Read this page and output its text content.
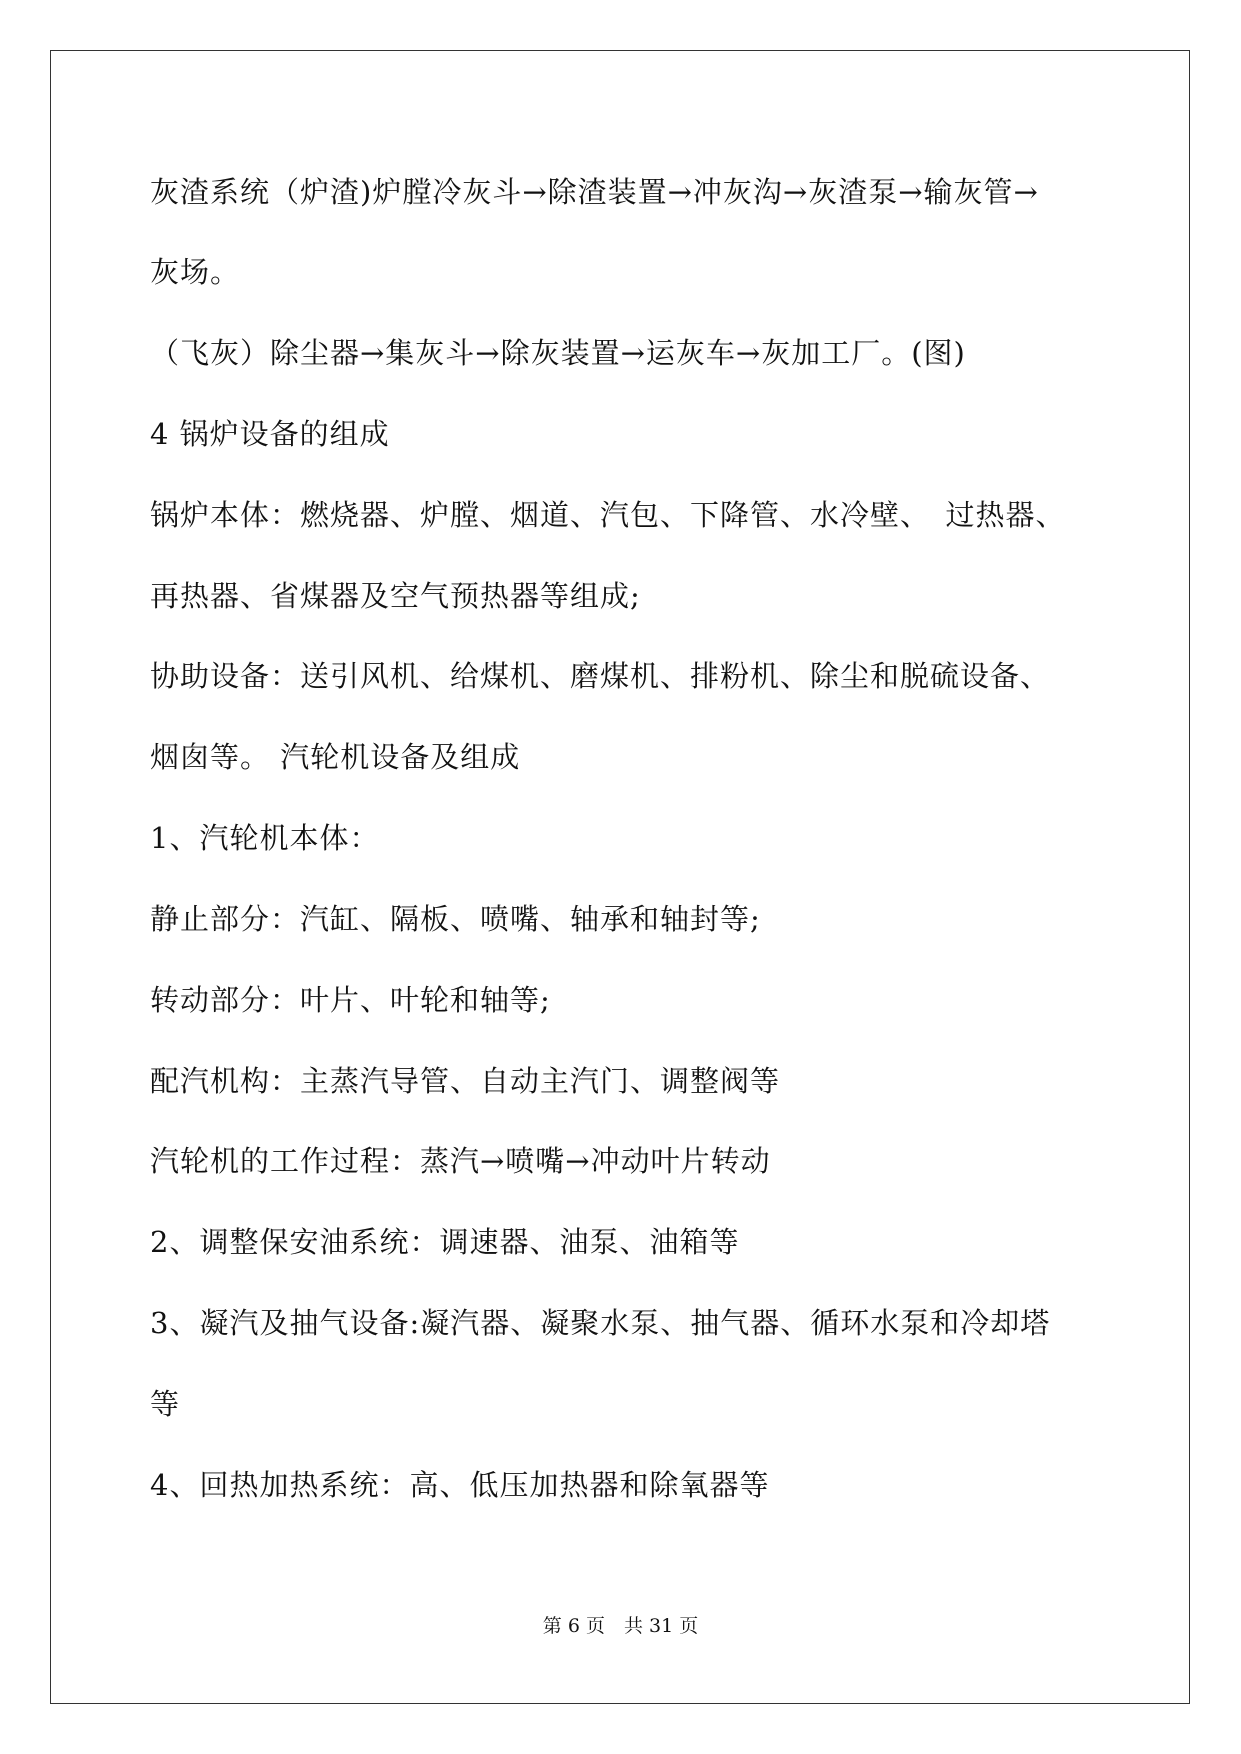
灰渣系统（炉渣)炉膛冷灰斗→除渣装置→冲灰沟→灰渣泵→输灰管→
灰场。
（飞灰）除尘器→集灰斗→除灰装置→运灰车→灰加工厂。(图)
4 锅炉设备的组成
锅炉本体：燃烧器、炉膛、烟道、汽包、下降管、水冷壁、　过热器、
再热器、省煤器及空气预热器等组成;
协助设备：送引风机、给煤机、磨煤机、排粉机、除尘和脱硫设备、
烟囱等。 汽轮机设备及组成
1、汽轮机本体：
静止部分：汽缸、隔板、喷嘴、轴承和轴封等;
转动部分：叶片、叶轮和轴等;
配汽机构：主蒸汽导管、自动主汽门、调整阀等
汽轮机的工作过程：蒸汽→喷嘴→冲动叶片转动
2、调整保安油系统：调速器、油泵、油箱等
3、凝汽及抽气设备:凝汽器、凝聚水泵、抽气器、循环水泵和冷却塔
等
4、回热加热系统：高、低压加热器和除氧器等
第 6 页　共 31 页
